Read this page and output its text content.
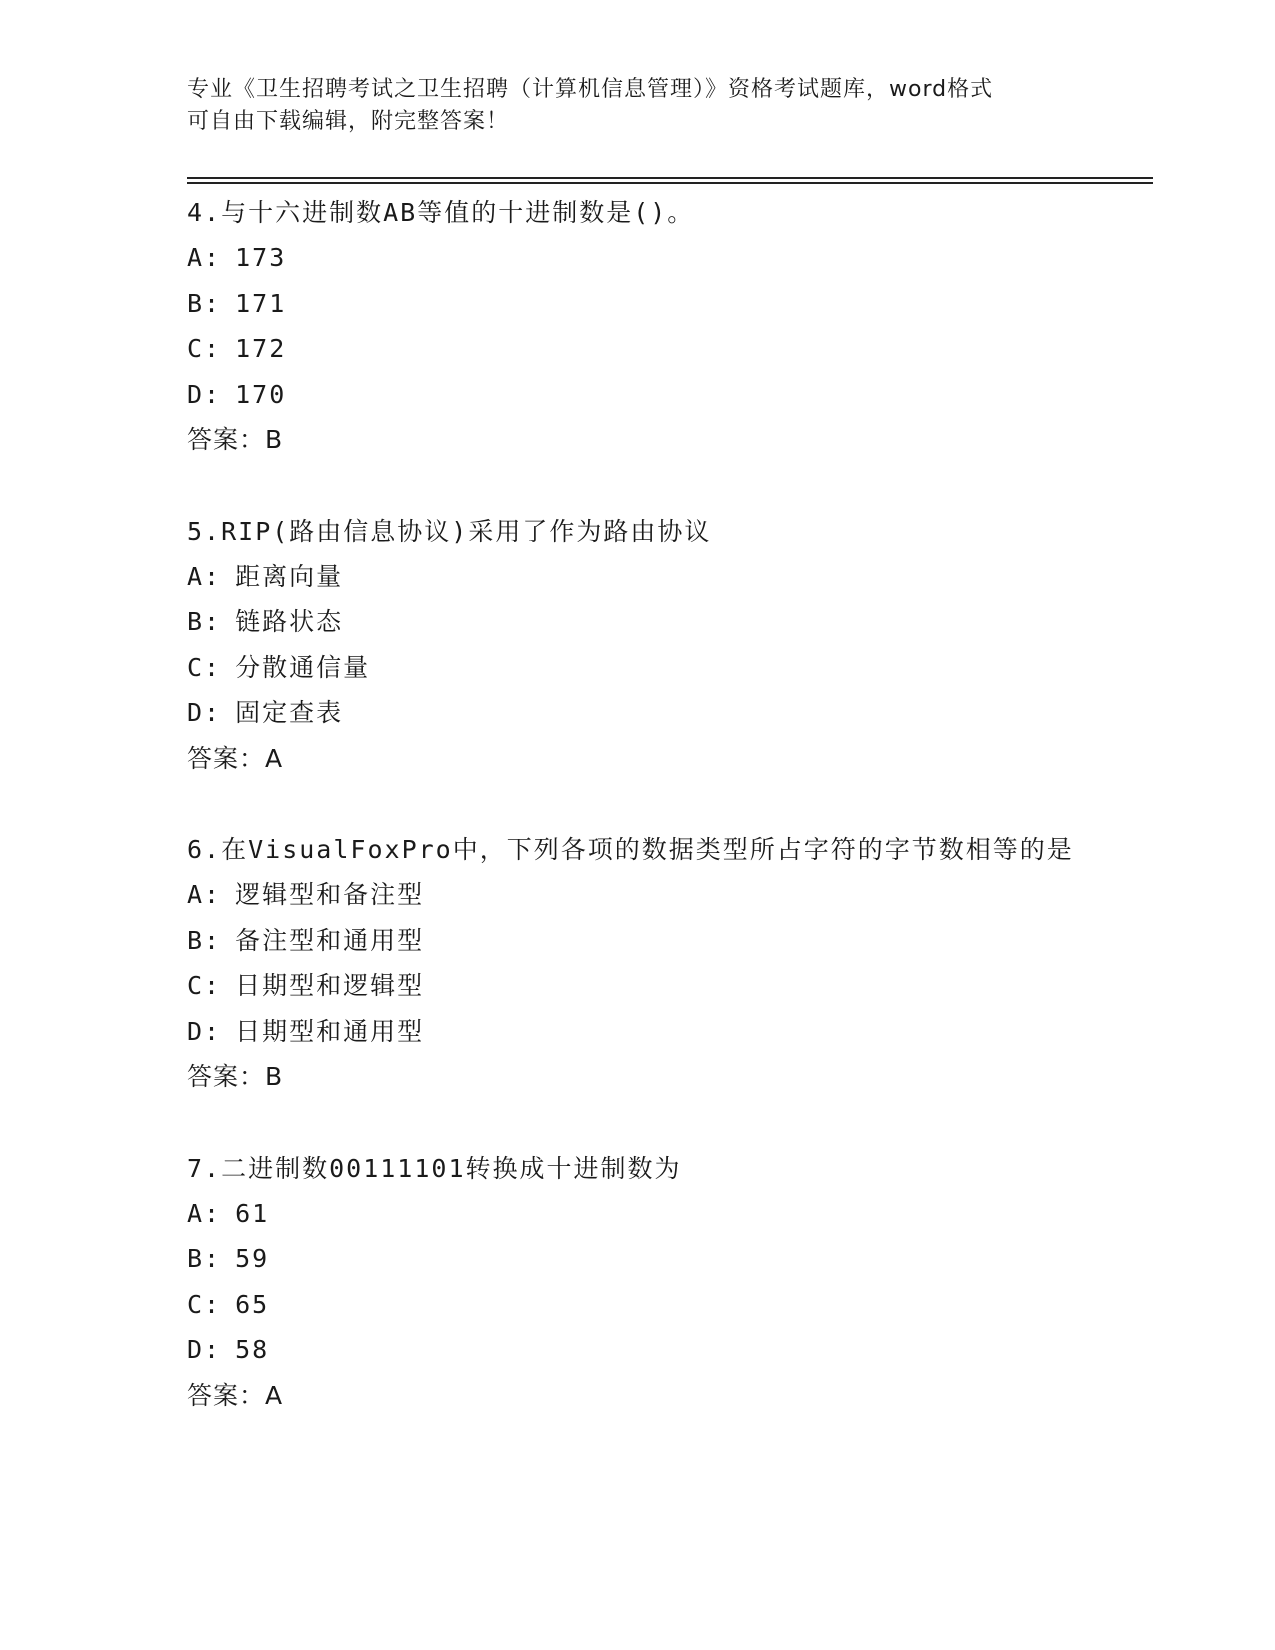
专业《卫生招聘考试之卫生招聘（计算机信息管理）》资格考试题库，word格式
可自由下载编辑，附完整答案！

4.与十六进制数AB等值的十进制数是()。

A: 173

B: 171

C: 172

D: 170

答案：B

5.RIP(路由信息协议)采用了作为路由协议

A: 距离向量

B: 链路状态

C: 分散通信量

D: 固定查表

答案：A

6.在VisualFoxPro中，下列各项的数据类型所占字符的字节数相等的是

A: 逻辑型和备注型

B: 备注型和通用型

C: 日期型和逻辑型

D: 日期型和通用型

答案：B

7.二进制数00111101转换成十进制数为

A: 61

B: 59

C: 65

D: 58

答案：A
